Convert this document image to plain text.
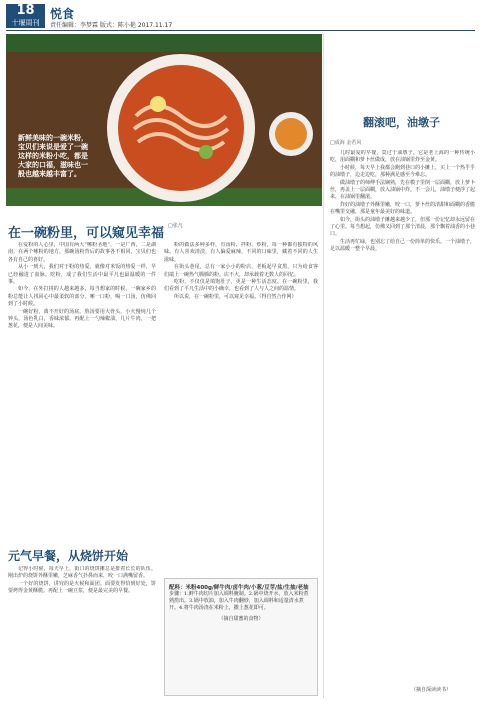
18
十堰周刊
悦食
责任编辑：李梦霖 版式：陈小艳 2017.11.17
新鲜美味的一碗米粉，宝贝们来说是爱了一碗这样的米粉小吃，都是大家的口福，滋味也一般也越来越丰富了。
在一碗粉里，可以窥见幸福 □张凡

在爱粉的人心里，中国有两大“嗦粉圣地”，一是广西，二是湖南。在两个嗦粉的地方，那碗汤粉背后的故事各不相同，宝贝们也各有自己的喜好。

从小一到大，我们对于粉的热爱，就像对米饭的热爱一样，早已经融进了血脉。吃粉，成了我们生活中最平凡也最温暖的一件事。

如今，在外打拼的人越来越多，每当想家的时候，一碗家乡的粉总能让人找回心中最柔软的部分。嗦一口粉，喝一口汤，仿佛回到了小时候。

一碗好粉，离不开好的汤底。熬汤要用大骨头，小火慢炖几个钟头，汤色乳白，香味浓郁。再配上一勺辣椒油，几片牛肉，一把葱花，便是人间美味。

粉的做法多种多样，有汤粉、拌粉、炒粉，每一种都有独特的风味。有人喜欢清淡，有人偏爱麻辣，不同的口味里，藏着不同的人生滋味。

在街头巷尾，总有一家小小的粉店，老板起早贪黑，只为给食客们端上一碗热气腾腾的粉。店不大，却承载着无数人的回忆。

吃粉，不仅仅是填饱肚子，更是一种生活态度。在一碗粉里，我们看到了平凡生活中的小确幸，也看到了人与人之间的温情。

所以说，在一碗粉里，可以窥见幸福。（得自然合作网）

元气早餐，从烧饼开始

记得小时候，每天早上，街口的烧饼摊总是排着长长的队伍。刚出炉的烧饼外酥里嫩，芝麻香气扑鼻而来，咬一口满嘴留香。

一个好的烧饼，讲究的是火候和面团。面要发得恰到好处，饼要烤得金黄酥脆。再配上一碗豆浆，便是最完美的早餐。

配料：米粉400g/鲜牛肉/卤牛肉/小葱/豆芽/盐/生抽/老抽
步骤：1.鲜牛肉切片加入调料腌制。2.锅中烧开水，放入米粉煮熟捞出。3.锅中放油，加入牛肉翻炒，加入调料和适量清水煮开。4.将牛肉汤浇在米粉上，撒上葱花即可。
（摘自甜蜜的食物）
翻滚吧，油墩子
□成海 金若风

儿时最爱的早餐，莫过于油墩子。它是老上海的一种传统小吃，用面糊和萝卜丝做成，放在油锅里炸至金黄。

小时候，每天早上我都会跑到巷口的小摊上，买上一个热乎乎的油墩子，边走边吃，那种满足感至今难忘。

做油墩子的师傅手法娴熟，先在模子里倒一层面糊，放上萝卜丝，再盖上一层面糊，放入油锅中炸。不一会儿，油墩子便浮了起来，在油锅里翻滚。

炸好的油墩子外酥里嫩，咬一口，萝卜丝的清甜和面糊的香脆在嘴里交融，那是童年最美好的味道。

如今，街头的油墩子摊越来越少了，但那一份记忆却永远留在了心里。每当想起，仿佛又回到了那个清晨，那个飘着油香的小巷口。

生活再忙碌，也别忘了给自己一份简单的快乐。一个油墩子，足以温暖一整个早晨。

（摘自深读读书）
